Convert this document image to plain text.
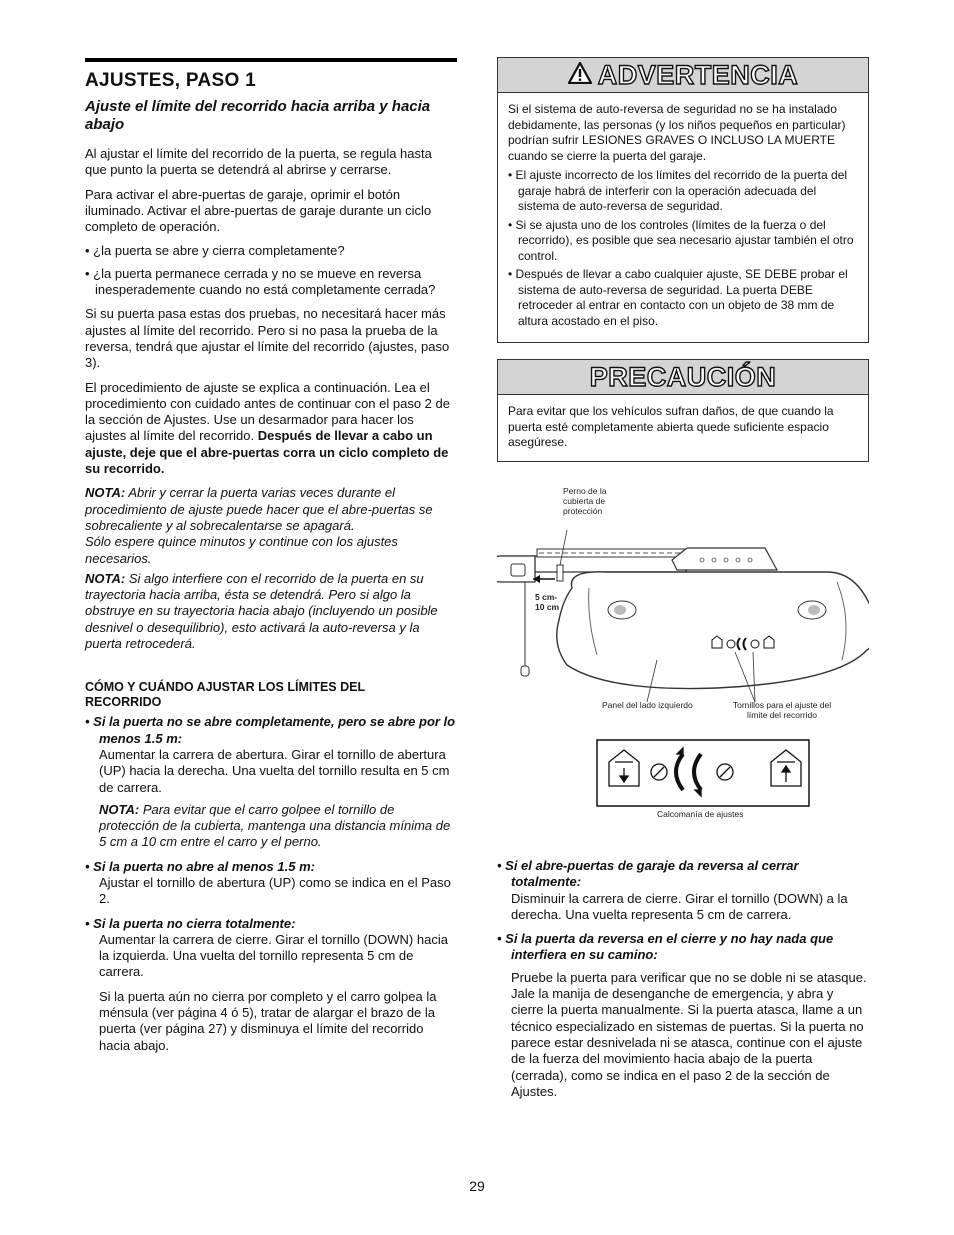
AJUSTES, PASO 1
Ajuste el límite del recorrido hacia arriba y hacia abajo

Al ajustar el límite del recorrido de la puerta, se regula hasta que punto la puerta se detendrá al abrirse y cerrarse.

Para activar el abre-puertas de garaje, oprimir el botón iluminado. Activar el abre-puertas de garaje durante un ciclo completo de operación.

• ¿la puerta se abre y cierra completamente?
• ¿la puerta permanece cerrada y no se mueve en reversa inesperademente cuando no está completamente cerrada?

Si su puerta pasa estas dos pruebas, no necesitará hacer más ajustes al límite del recorrido. Pero si no pasa la prueba de la reversa, tendrá que ajustar el límite del recorrido (ajustes, paso 3).

El procedimiento de ajuste se explica a continuación. Lea el procedimiento con cuidado antes de continuar con el paso 2 de la sección de Ajustes. Use un desarmador para hacer los ajustes al límite del recorrido. Después de llevar a cabo un ajuste, deje que el abre-puertas corra un ciclo completo de su recorrido.

NOTA: Abrir y cerrar la puerta varias veces durante el procedimiento de ajuste puede hacer que el abre-puertas se sobrecaliente y al sobrecalentarse se apagará.
Sólo espere quince minutos y continue con los ajustes necesarios.

NOTA: Si algo interfiere con el recorrido de la puerta en su trayectoria hacia arriba, ésta se detendrá. Pero si algo la obstruye en su trayectoria hacia abajo (incluyendo un posible desnivel o desequilibrio), esto activará la auto-reversa y la puerta retrocederá.

CÓMO Y CUÁNDO AJUSTAR LOS LÍMITES DEL RECORRIDO
• Si la puerta no se abre completamente, pero se abre por lo menos 1.5 m:

Aumentar la carrera de abertura. Girar el tornillo de abertura (UP) hacia la derecha. Una vuelta del tornillo resulta en 5 cm de carrera.

NOTA: Para evitar que el carro golpee el tornillo de protección de la cubierta, mantenga una distancia mínima de 5 cm a 10 cm entre el carro y el perno.

• Si la puerta no abre al menos 1.5 m:

Ajustar el tornillo de abertura (UP) como se indica en el Paso 2.

• Si la puerta no cierra totalmente:

Aumentar la carrera de cierre. Girar el tornillo (DOWN) hacia la izquierda. Una vuelta del tornillo representa 5 cm de carrera.

Si la puerta aún no cierra por completo y el carro golpea la ménsula (ver página 4 ó 5), tratar de alargar el brazo de la puerta (ver página 27) y disminuya el límite del recorrido hacia abajo.

ADVERTENCIA

Si el sistema de auto-reversa de seguridad no se ha instalado debidamente, las personas (y los niños pequeños en particular) podrían sufrir LESIONES GRAVES O INCLUSO LA MUERTE cuando se cierre la puerta del garaje.

• El ajuste incorrecto de los límites del recorrido de la puerta del garaje habrá de interferir con la operación adecuada del sistema de auto-reversa de seguridad.
• Si se ajusta uno de los controles (límites de la fuerza o del recorrido), es posible que sea necesario ajustar también el otro control.
• Después de llevar a cabo cualquier ajuste, SE DEBE probar el sistema de auto-reversa de seguridad. La puerta DEBE retroceder al entrar en contacto con un objeto de 38 mm de altura acostado en el piso.
PRECAUCIÓN

Para evitar que los vehículos sufran daños, de que cuando la puerta esté completamente abierta quede suficiente espacio asegúrese.

Perno de la cubierta de protección
5 cm- 10 cm
Panel del lado izquierdo	Tornillos para el ajuste del límite del recorrido
Calcomanía de ajustes
• Si el abre-puertas de garaje da reversa al cerrar totalmente:

Disminuir la carrera de cierre. Girar el tornillo (DOWN) a la derecha. Una vuelta representa 5 cm de carrera.

• Si la puerta da reversa en el cierre y no hay nada que interfiera en su camino:

Pruebe la puerta para verificar que no se doble ni se atasque. Jale la manija de desenganche de emergencia, y abra y cierre la puerta manualmente. Si la puerta atasca, llame a un técnico especializado en sistemas de puertas. Si la puerta no parece estar desnivelada ni se atasca, continue con el ajuste de la fuerza del movimiento hacia abajo de la puerta (cerrada), como se indica en el paso 2 de la sección de Ajustes.

29
